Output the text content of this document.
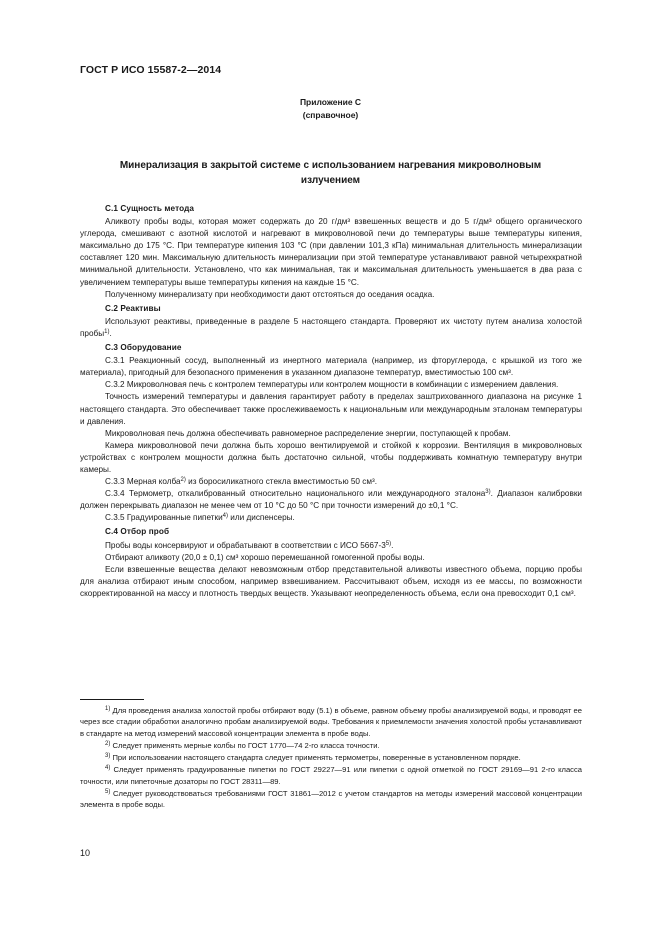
ГОСТ Р ИСО 15587-2—2014
Приложение С
(справочное)
Минерализация в закрытой системе с использованием нагревания микроволновым излучением
С.1 Сущность метода

Аликвоту пробы воды, которая может содержать до 20 г/дм³ взвешенных веществ и до 5 г/дм³ общего органического углерода, смешивают с азотной кислотой и нагревают в микроволновой печи до температуры выше температуры кипения, максимально до 175 °С. При температуре кипения 103 °С (при давлении 101,3 кПа) минимальная длительность минерализации составляет 120 мин. Максимальную длительность минерализации при этой температуре устанавливают равной четырехкратной минимальной длительности. Установлено, что как минимальная, так и максимальная длительность уменьшается в два раза с увеличением температуры выше температуры кипения на каждые 15 °С.

Полученному минерализату при необходимости дают отстояться до оседания осадка.

С.2 Реактивы

Используют реактивы, приведенные в разделе 5 настоящего стандарта. Проверяют их чистоту путем анализа холостой пробы$^{1)}$.

С.3 Оборудование

С.3.1 Реакционный сосуд, выполненный из инертного материала (например, из фторуглерода, с крышкой из того же материала), пригодный для безопасного применения в указанном диапазоне температур, вместимостью 100 см³.

С.3.2 Микроволновая печь с контролем температуры или контролем мощности в комбинации с измерением давления.

Точность измерений температуры и давления гарантирует работу в пределах заштрихованного диапазона на рисунке 1 настоящего стандарта. Это обеспечивает также прослеживаемость к национальным или международным эталонам температуры и давления.

Микроволновая печь должна обеспечивать равномерное распределение энергии, поступающей к пробам.

Камера микроволновой печи должна быть хорошо вентилируемой и стойкой к коррозии. Вентиляция в микроволновых устройствах с контролем мощности должна быть достаточно сильной, чтобы поддерживать комнатную температуру внутри камеры.

С.3.3 Мерная колба$^{2)}$ из боросиликатного стекла вместимостью 50 см³.

С.3.4 Термометр, откалиброванный относительно национального или международного эталона$^{3)}$. Диапазон калибровки должен перекрывать диапазон не менее чем от 10 °С до 50 °С при точности измерений до ±0,1 °С.

С.3.5 Градуированные пипетки$^{4)}$ или диспенсеры.

С.4 Отбор проб

Пробы воды консервируют и обрабатывают в соответствии с ИСО 5667-3$^{5)}$.

Отбирают аликвоту (20,0 ± 0,1) см³ хорошо перемешанной гомогенной пробы воды.

Если взвешенные вещества делают невозможным отбор представительной аликвоты известного объема, порцию пробы для анализа отбирают иным способом, например взвешиванием. Рассчитывают объем, исходя из ее массы, по возможности скорректированной на массу и плотность твердых веществ. Указывают неопределенность объема, если она превосходит 0,1 см³.

$^{1)}$ Для проведения анализа холостой пробы отбирают воду (5.1) в объеме, равном объему пробы анализируемой воды, и проводят ее через все стадии обработки аналогично пробам анализируемой воды. Требования к приемлемости значения холостой пробы устанавливают в стандарте на метод измерений массовой концентрации элемента в пробе воды.

$^{2)}$ Следует применять мерные колбы по ГОСТ 1770—74 2-го класса точности.

$^{3)}$ При использовании настоящего стандарта следует применять термометры, поверенные в установленном порядке.

$^{4)}$ Следует применять градуированные пипетки по ГОСТ 29227—91 или пипетки с одной отметкой по ГОСТ 29169—91 2-го класса точности, или пипеточные дозаторы по ГОСТ 28311—89.

$^{5)}$ Следует руководствоваться требованиями ГОСТ 31861—2012 с учетом стандартов на методы измерений массовой концентрации элемента в пробе воды.

10
